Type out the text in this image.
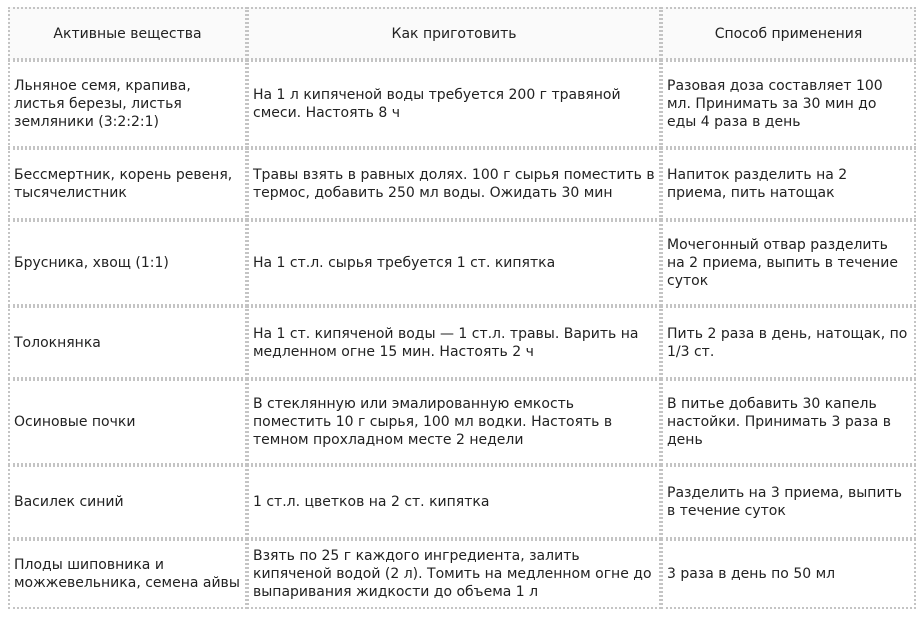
Активные вещества	Как приготовить	Способ применения
Льняное семя, крапива, листья березы, листья земляники (3:2:2:1)	На 1 л кипяченой воды требуется 200 г травяной смеси. Настоять 8 ч	Разовая доза составляет 100 мл. Принимать за 30 мин до еды 4 раза в день
Бессмертник, корень ревеня, тысячелистник	Травы взять в равных долях. 100 г сырья поместить в термос, добавить 250 мл воды. Ожидать 30 мин	Напиток разделить на 2 приема, пить натощак
Брусника, хвощ (1:1)	На 1 ст.л. сырья требуется 1 ст. кипятка	Мочегонный отвар разделить на 2 приема, выпить в течение суток
Толокнянка	На 1 ст. кипяченой воды — 1 ст.л. травы. Варить на медленном огне 15 мин. Настоять 2 ч	Пить 2 раза в день, натощак, по 1/3 ст.
Осиновые почки	В стеклянную или эмалированную емкость поместить 10 г сырья, 100 мл водки. Настоять в темном прохладном месте 2 недели	В питье добавить 30 капель настойки. Принимать 3 раза в день
Василек синий	1 ст.л. цветков на 2 ст. кипятка	Разделить на 3 приема, выпить в течение суток
Плоды шиповника и можжевельника, семена айвы	Взять по 25 г каждого ингредиента, залить кипяченой водой (2 л). Томить на медленном огне до выпаривания жидкости до объема 1 л	3 раза в день по 50 мл
